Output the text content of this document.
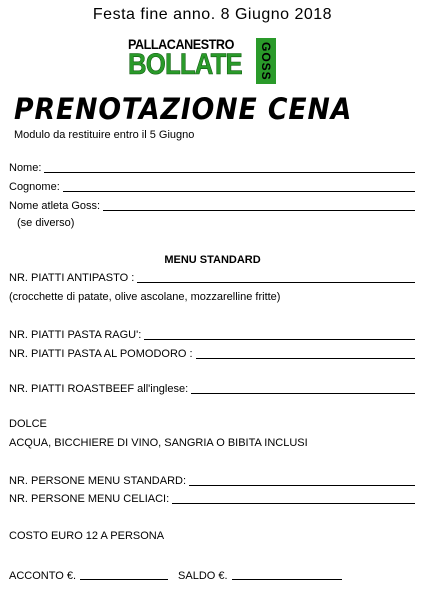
Festa fine anno. 8 Giugno 2018
PALLACANESTRO
BOLLATE GOSS
PRENOTAZIONE CENA
Modulo da restituire entro il 5 Giugno
Nome:
Cognome:
Nome atleta Goss:
(se diverso)
MENU STANDARD
NR. PIATTI ANTIPASTO :
(crocchette di patate, olive ascolane, mozzarelline fritte)
NR. PIATTI PASTA RAGU':
NR. PIATTI PASTA AL POMODORO :
NR. PIATTI ROASTBEEF all'inglese:
DOLCE
ACQUA, BICCHIERE DI VINO, SANGRIA O BIBITA INCLUSI
NR. PERSONE MENU STANDARD:
NR. PERSONE MENU CELIACI:
COSTO EURO 12 A PERSONA
ACCONTO €.	SALDO €.
